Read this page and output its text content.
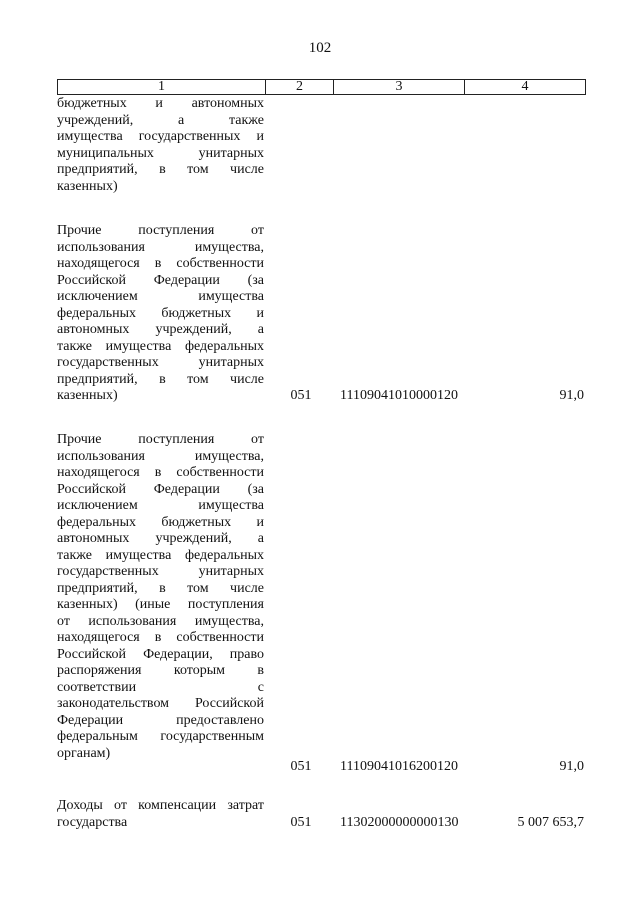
102
1	2	3	4
бюджетных и автономных
учреждений, а также
имущества государственных и
муниципальных унитарных
предприятий, в том числе
казенных)
Прочие поступления от
использования имущества,
находящегося в собственности
Российской Федерации (за
исключением имущества
федеральных бюджетных и
автономных учреждений, а
также имущества федеральных
государственных унитарных
предприятий, в том числе
казенных)	051	11109041010000120	91,0
Прочие поступления от
использования имущества,
находящегося в собственности
Российской Федерации (за
исключением имущества
федеральных бюджетных и
автономных учреждений, а
также имущества федеральных
государственных унитарных
предприятий, в том числе
казенных) (иные поступления
от использования имущества,
находящегося в собственности
Российской Федерации, право
распоряжения которым в
соответствии с
законодательством Российской
Федерации предоставлено
федеральным государственным
органам)
051	11109041016200120	91,0
Доходы от компенсации затрат
государства	051	11302000000000130	5 007 653,7
